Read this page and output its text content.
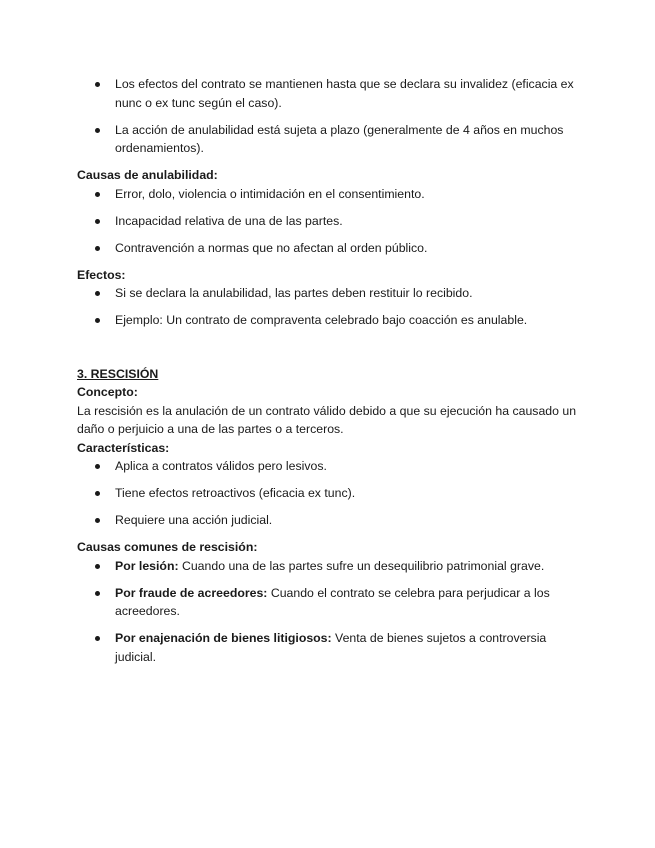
Los efectos del contrato se mantienen hasta que se declara su invalidez (eficacia ex nunc o ex tunc según el caso).
La acción de anulabilidad está sujeta a plazo (generalmente de 4 años en muchos ordenamientos).

Causas de anulabilidad:

Error, dolo, violencia o intimidación en el consentimiento.
Incapacidad relativa de una de las partes.
Contravención a normas que no afectan al orden público.

Efectos:

Si se declara la anulabilidad, las partes deben restituir lo recibido.
Ejemplo: Un contrato de compraventa celebrado bajo coacción es anulable.

3. RESCISIÓN

Concepto:

La rescisión es la anulación de un contrato válido debido a que su ejecución ha causado un daño o perjuicio a una de las partes o a terceros.

Características:

Aplica a contratos válidos pero lesivos.
Tiene efectos retroactivos (eficacia ex tunc).
Requiere una acción judicial.

Causas comunes de rescisión:

Por lesión: Cuando una de las partes sufre un desequilibrio patrimonial grave.
Por fraude de acreedores: Cuando el contrato se celebra para perjudicar a los acreedores.
Por enajenación de bienes litigiosos: Venta de bienes sujetos a controversia judicial.
